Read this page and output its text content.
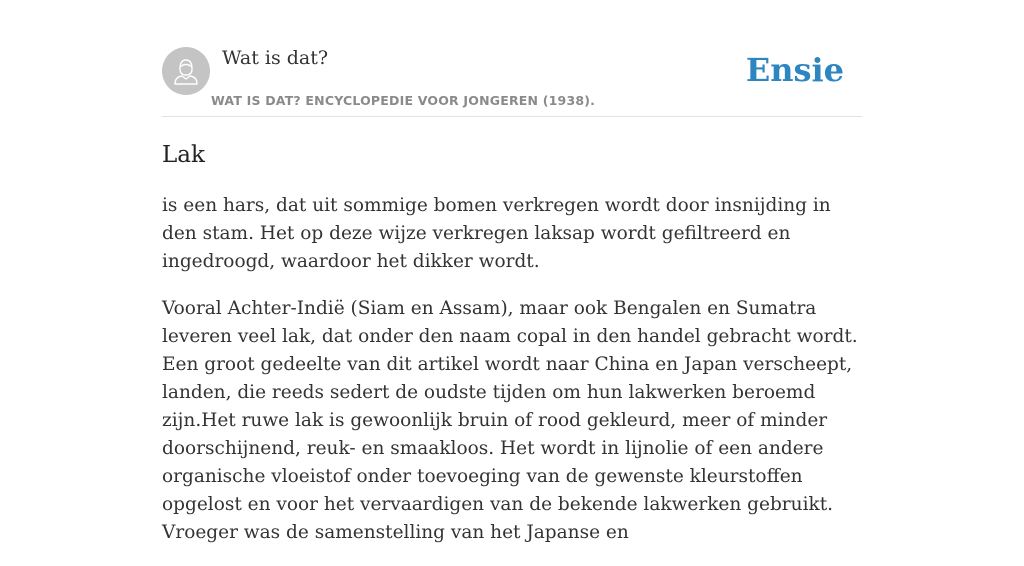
Wat is dat?
WAT IS DAT? ENCYCLOPEDIE VOOR JONGEREN (1938).
Ensie
Lak

is een hars, dat uit sommige bomen verkregen wordt door insnijding in den stam. Het op deze wijze verkregen laksap wordt gefiltreerd en ingedroogd, waardoor het dikker wordt.

Vooral Achter-Indië (Siam en Assam), maar ook Bengalen en Sumatra leveren veel lak, dat onder den naam copal in den handel gebracht wordt. Een groot gedeelte van dit artikel wordt naar China en Japan verscheept, landen, die reeds sedert de oudste tijden om hun lakwerken beroemd zijn.Het ruwe lak is gewoonlijk bruin of rood gekleurd, meer of minder doorschijnend, reuk- en smaakloos. Het wordt in lijnolie of een andere organische vloeistof onder toevoeging van de gewenste kleurstoffen opgelost en voor het vervaardigen van de bekende lakwerken gebruikt. Vroeger was de samenstelling van het Japanse en
